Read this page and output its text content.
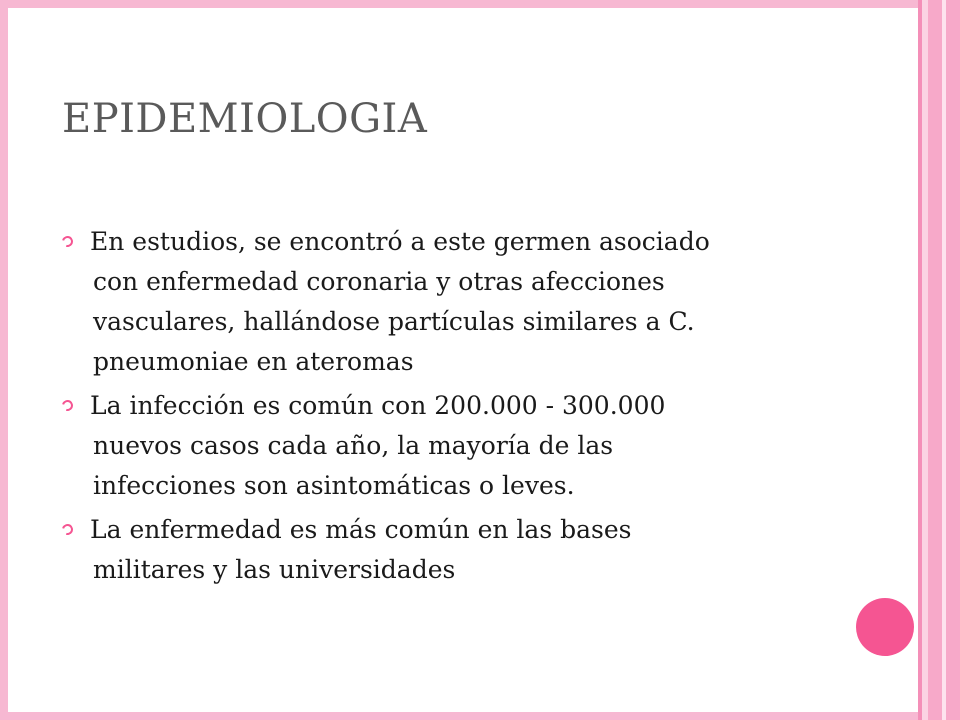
EPIDEMIOLOGIA
En estudios, se encontró a este germen asociado
con enfermedad coronaria y otras afecciones
vasculares, hallándose partículas similares a C.
pneumoniae en ateromas
La infección es común con 200.000 - 300.000
nuevos casos cada año, la mayoría de las
infecciones son asintomáticas o leves.
La enfermedad es más común en las bases
militares y las universidades
